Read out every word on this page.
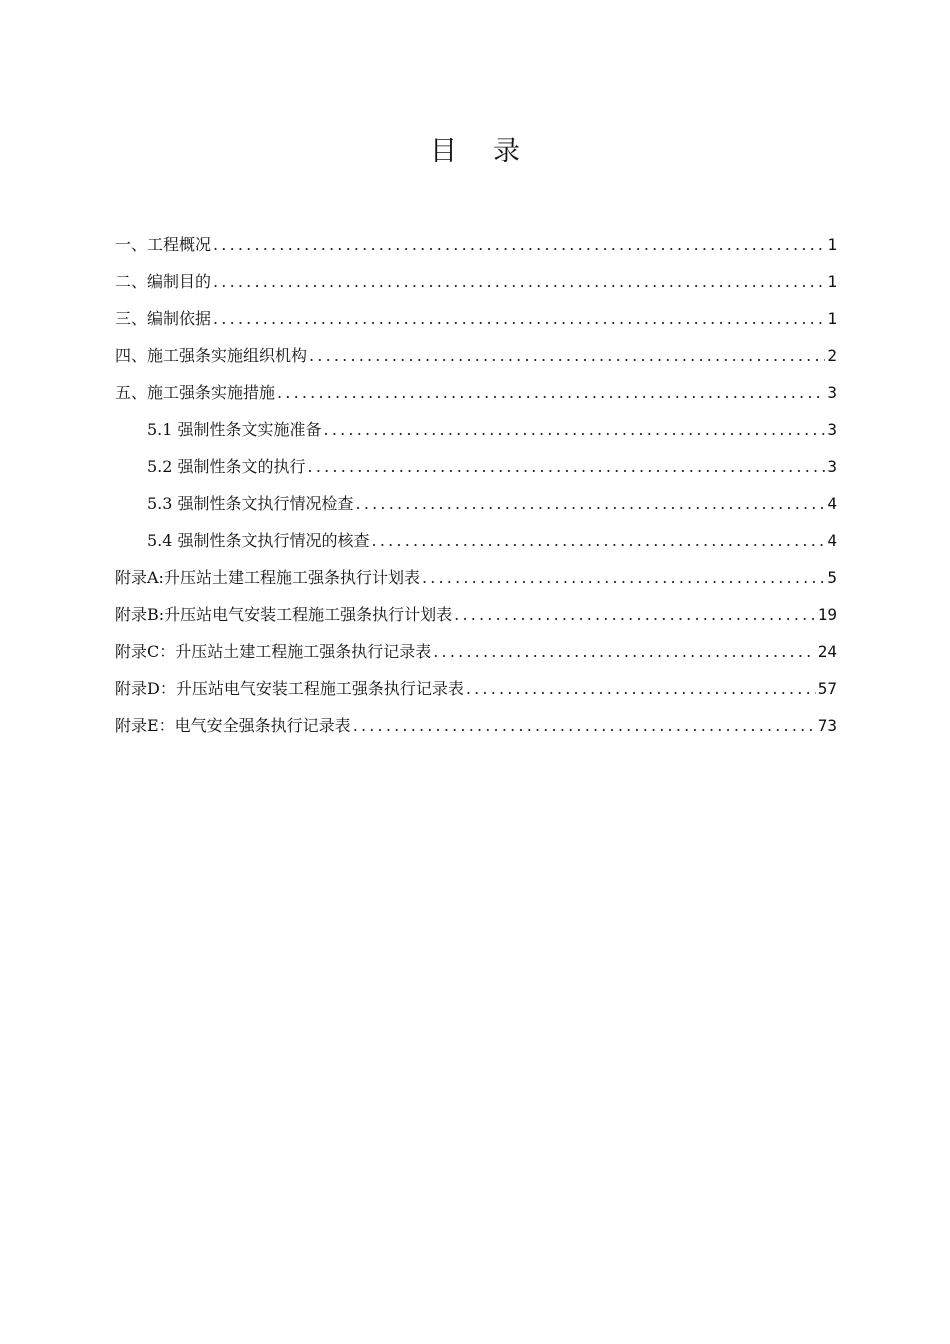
目录
一、工程概况 .....	1
二、编制目的 .....	1
三、编制依据 .....	1
四、施工强条实施组织机构 .....	2
五、施工强条实施措施 .....	3
5.1 强制性条文实施准备 .....	3
5.2 强制性条文的执行 .....	3
5.3 强制性条文执行情况检查 .....	4
5.4 强制性条文执行情况的核查 .....	4
附录A:升压站土建工程施工强条执行计划表 .....	5
附录B:升压站电气安装工程施工强条执行计划表 .....	19
附录C：升压站土建工程施工强条执行记录表 .....	24
附录D：升压站电气安装工程施工强条执行记录表 .....	57
附录E：电气安全强条执行记录表 .....	73
